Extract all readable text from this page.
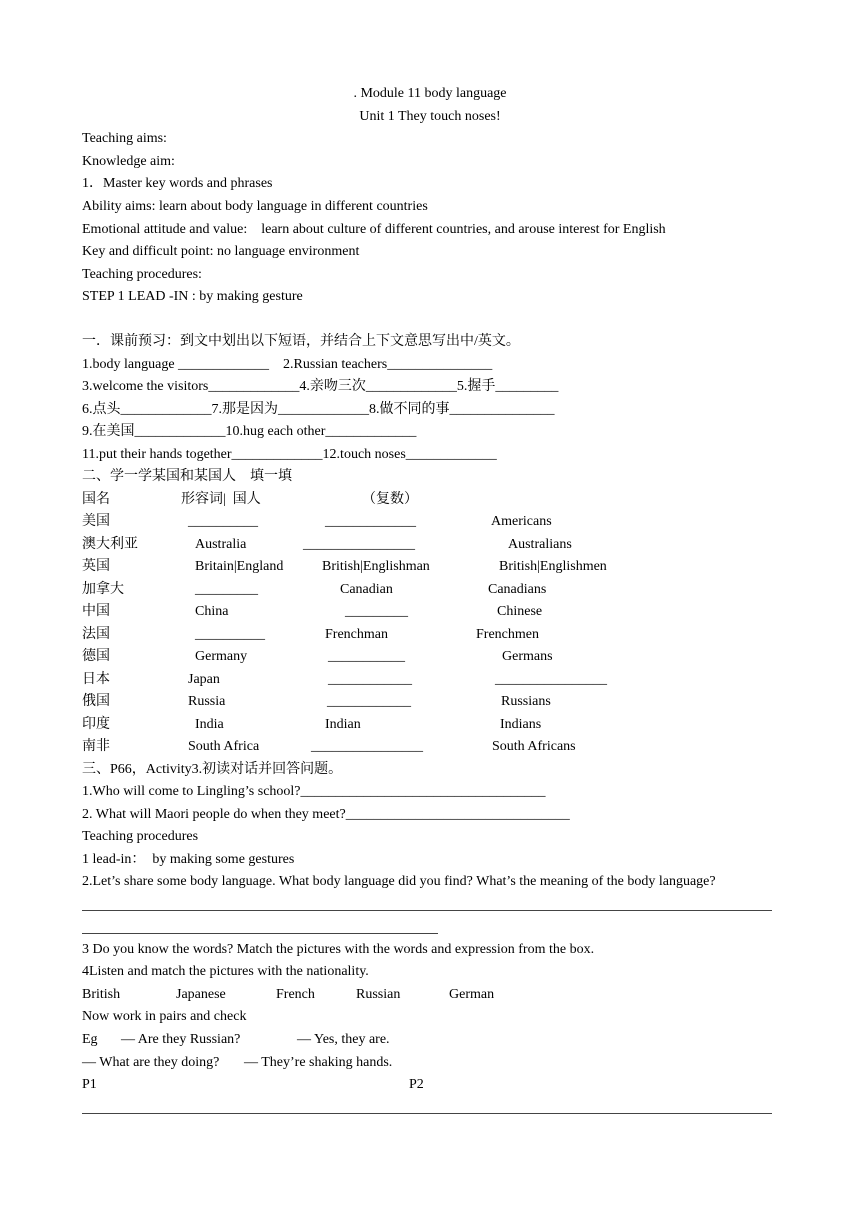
. Module 11 body language
Unit 1 They touch noses!
Teaching aims:
Knowledge aim:
1．Master key words and phrases
Ability aims: learn about body language in different countries
Emotional attitude and value:    learn about culture of different countries, and arouse interest for English
Key and difficult point: no language environment
Teaching procedures:
STEP 1 LEAD -IN : by making gesture
一．课前预习：到文中划出以下短语，并结合上下文意思写出中/英文。
1.body language _____________    2.Russian teachers_______________
3.welcome the visitors_____________4.亲吻三次_____________5.握手_________
6.点头_____________7.那是因为_____________8.做不同的事_______________
9.在美国_____________10.hug each other_____________
11.put their hands together_____________12.touch noses_____________
二、学一学某国和某国人    填一填
国名	形容词|  国人	（复数）
美国	__________	_____________	Americans
澳大利亚	Australia	________________	Australians
英国	Britain|England	British|Englishman	British|Englishmen
加拿大	_________	Canadian	Canadians
中国	China	_________	Chinese
法国	__________	Frenchman	Frenchmen
德国	Germany	___________	Germans
日本	Japan	____________	________________
俄国	Russia	____________	Russians
印度	India	Indian	Indians
南非	South Africa	________________	South Africans
三、P66，Activity3.初读对话并回答问题。
1.Who will come to Lingling’s school?___________________________________
2. What will Maori people do when they meet?________________________________
Teaching procedures
1 lead-in：  by making some gestures
2.Let’s share some body language. What body language did you find? What’s the meaning of the body language?
3 Do you know the words? Match the pictures with the words and expression from the box.
4Listen and match the pictures with the nationality.
British	Japanese	French	Russian	German
Now work in pairs and check
Eg — Are they Russian?	— Yes, they are.
— What are they doing? — They’re shaking hands.
P1	P2
